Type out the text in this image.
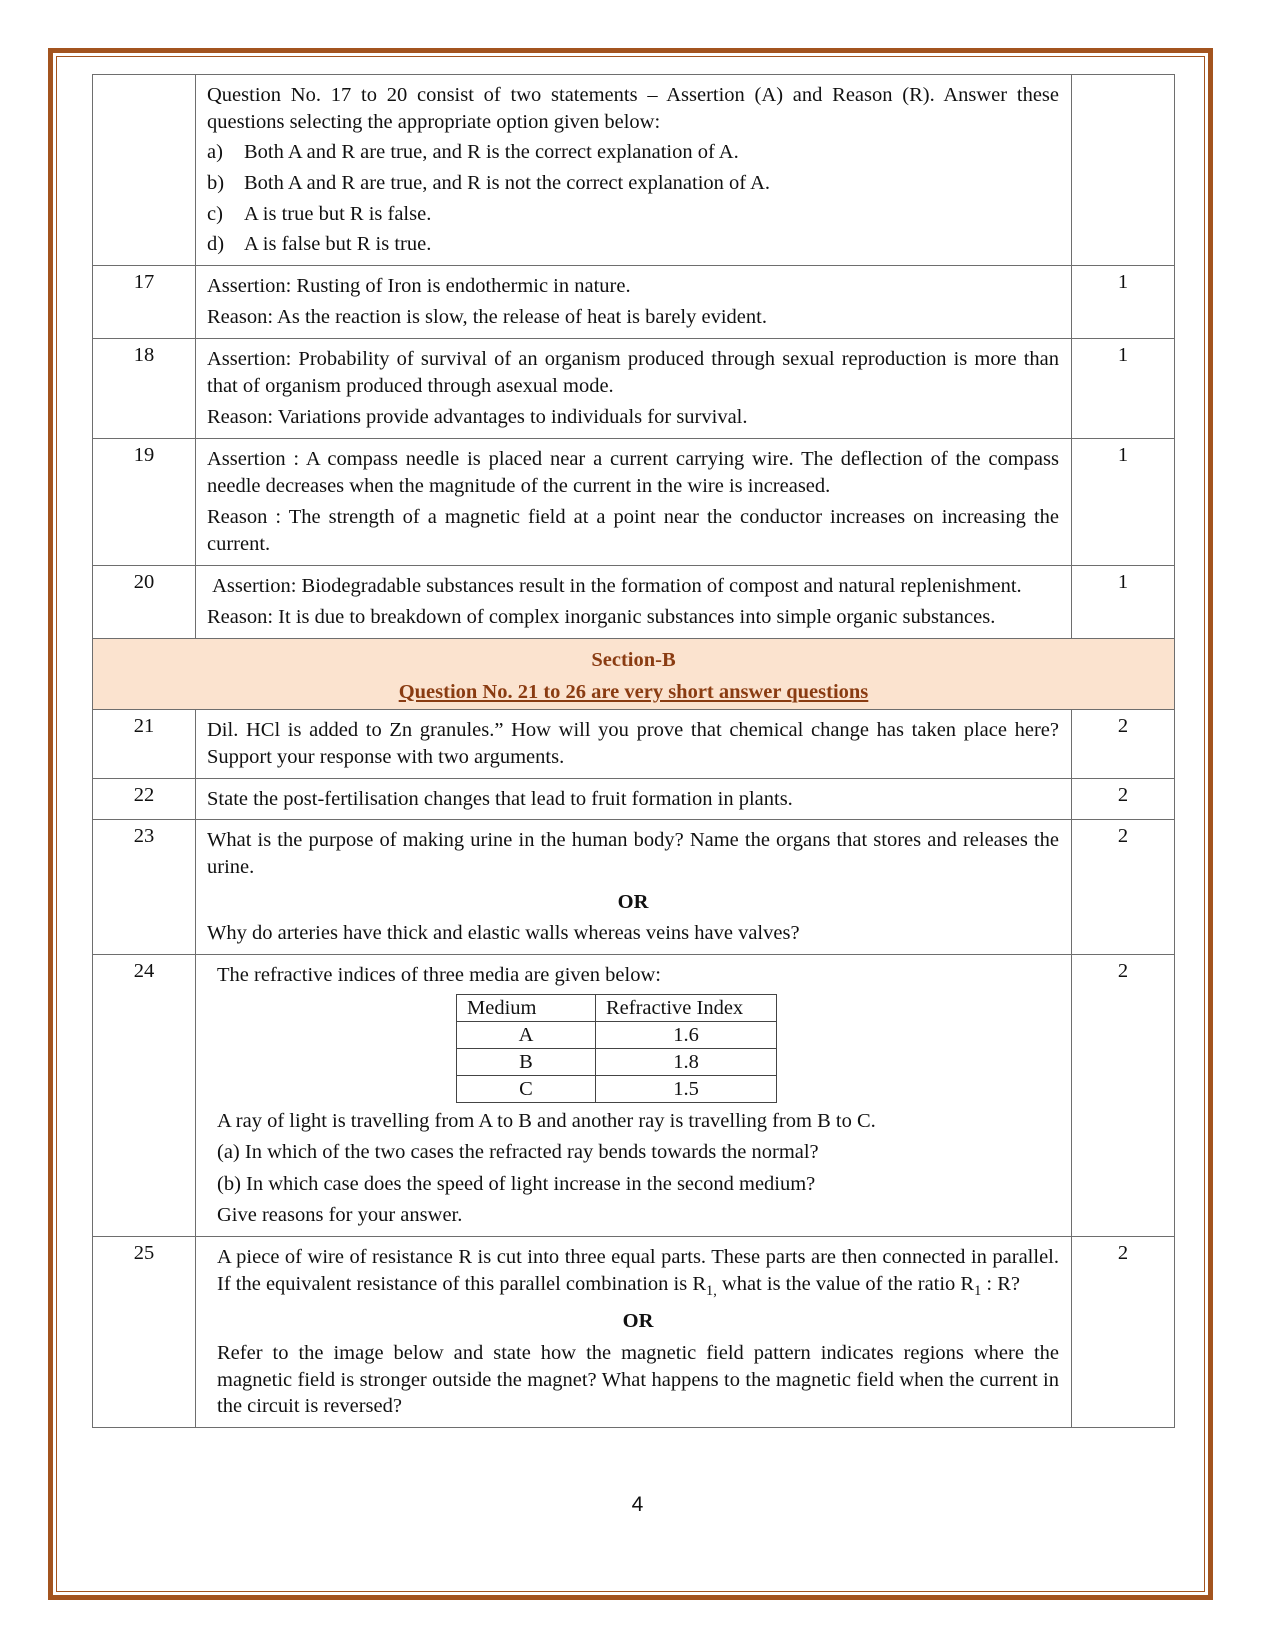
Question No. 17 to 20 consist of two statements – Assertion (A) and Reason (R). Answer these questions selecting the appropriate option given below:

a)	Both A and R are true, and R is the correct explanation of A.
b) Both A and R are true, and R is not the correct explanation of A.
c)	A is true but R is false.
d) A is false but R is true.

17	Assertion: Rusting of Iron is endothermic in nature.

Reason: As the reaction is slow, the release of heat is barely evident.

	1
18	Assertion: Probability of survival of an organism produced through sexual reproduction is more than that of organism produced through asexual mode.

Reason: Variations provide advantages to individuals for survival.

	1
19	Assertion : A compass needle is placed near a current carrying wire. The deflection of the compass needle decreases when the magnitude of the current in the wire is increased.

Reason : The strength of a magnetic field at a point near the conductor increases on increasing the current.

	1
20	Assertion: Biodegradable substances result in the formation of compost and natural replenishment.

Reason: It is due to breakdown of complex inorganic substances into simple organic substances.

	1

Section-B

Question No. 21 to 26 are very short answer questions

21	Dil. HCl is added to Zn granules.” How will you prove that chemical change has taken place here? Support your response with two arguments.

	2
22	State the post-fertilisation changes that lead to fruit formation in plants.	2
23	What is the purpose of making urine in the human body? Name the organs that stores and releases the urine.

OR

Why do arteries have thick and elastic walls whereas veins have valves?

	2
24	The refractive indices of three media are given below:

Medium	Refractive Index
A	1.6
B	1.8
C	1.5

A ray of light is travelling from A to B and another ray is travelling from B to C.

(a) In which of the two cases the refracted ray bends towards the normal?

(b) In which case does the speed of light increase in the second medium?

Give reasons for your answer.

	2
25	A piece of wire of resistance R is cut into three equal parts. These parts are then connected in parallel. If the equivalent resistance of this parallel combination is $R_{1,}$ what is the value of the ratio $R_1$ : R?

OR

Refer to the image below and state how the magnetic field pattern indicates regions where the magnetic field is stronger outside the magnet? What happens to the magnetic field when the current in the circuit is reversed?

	2
4
